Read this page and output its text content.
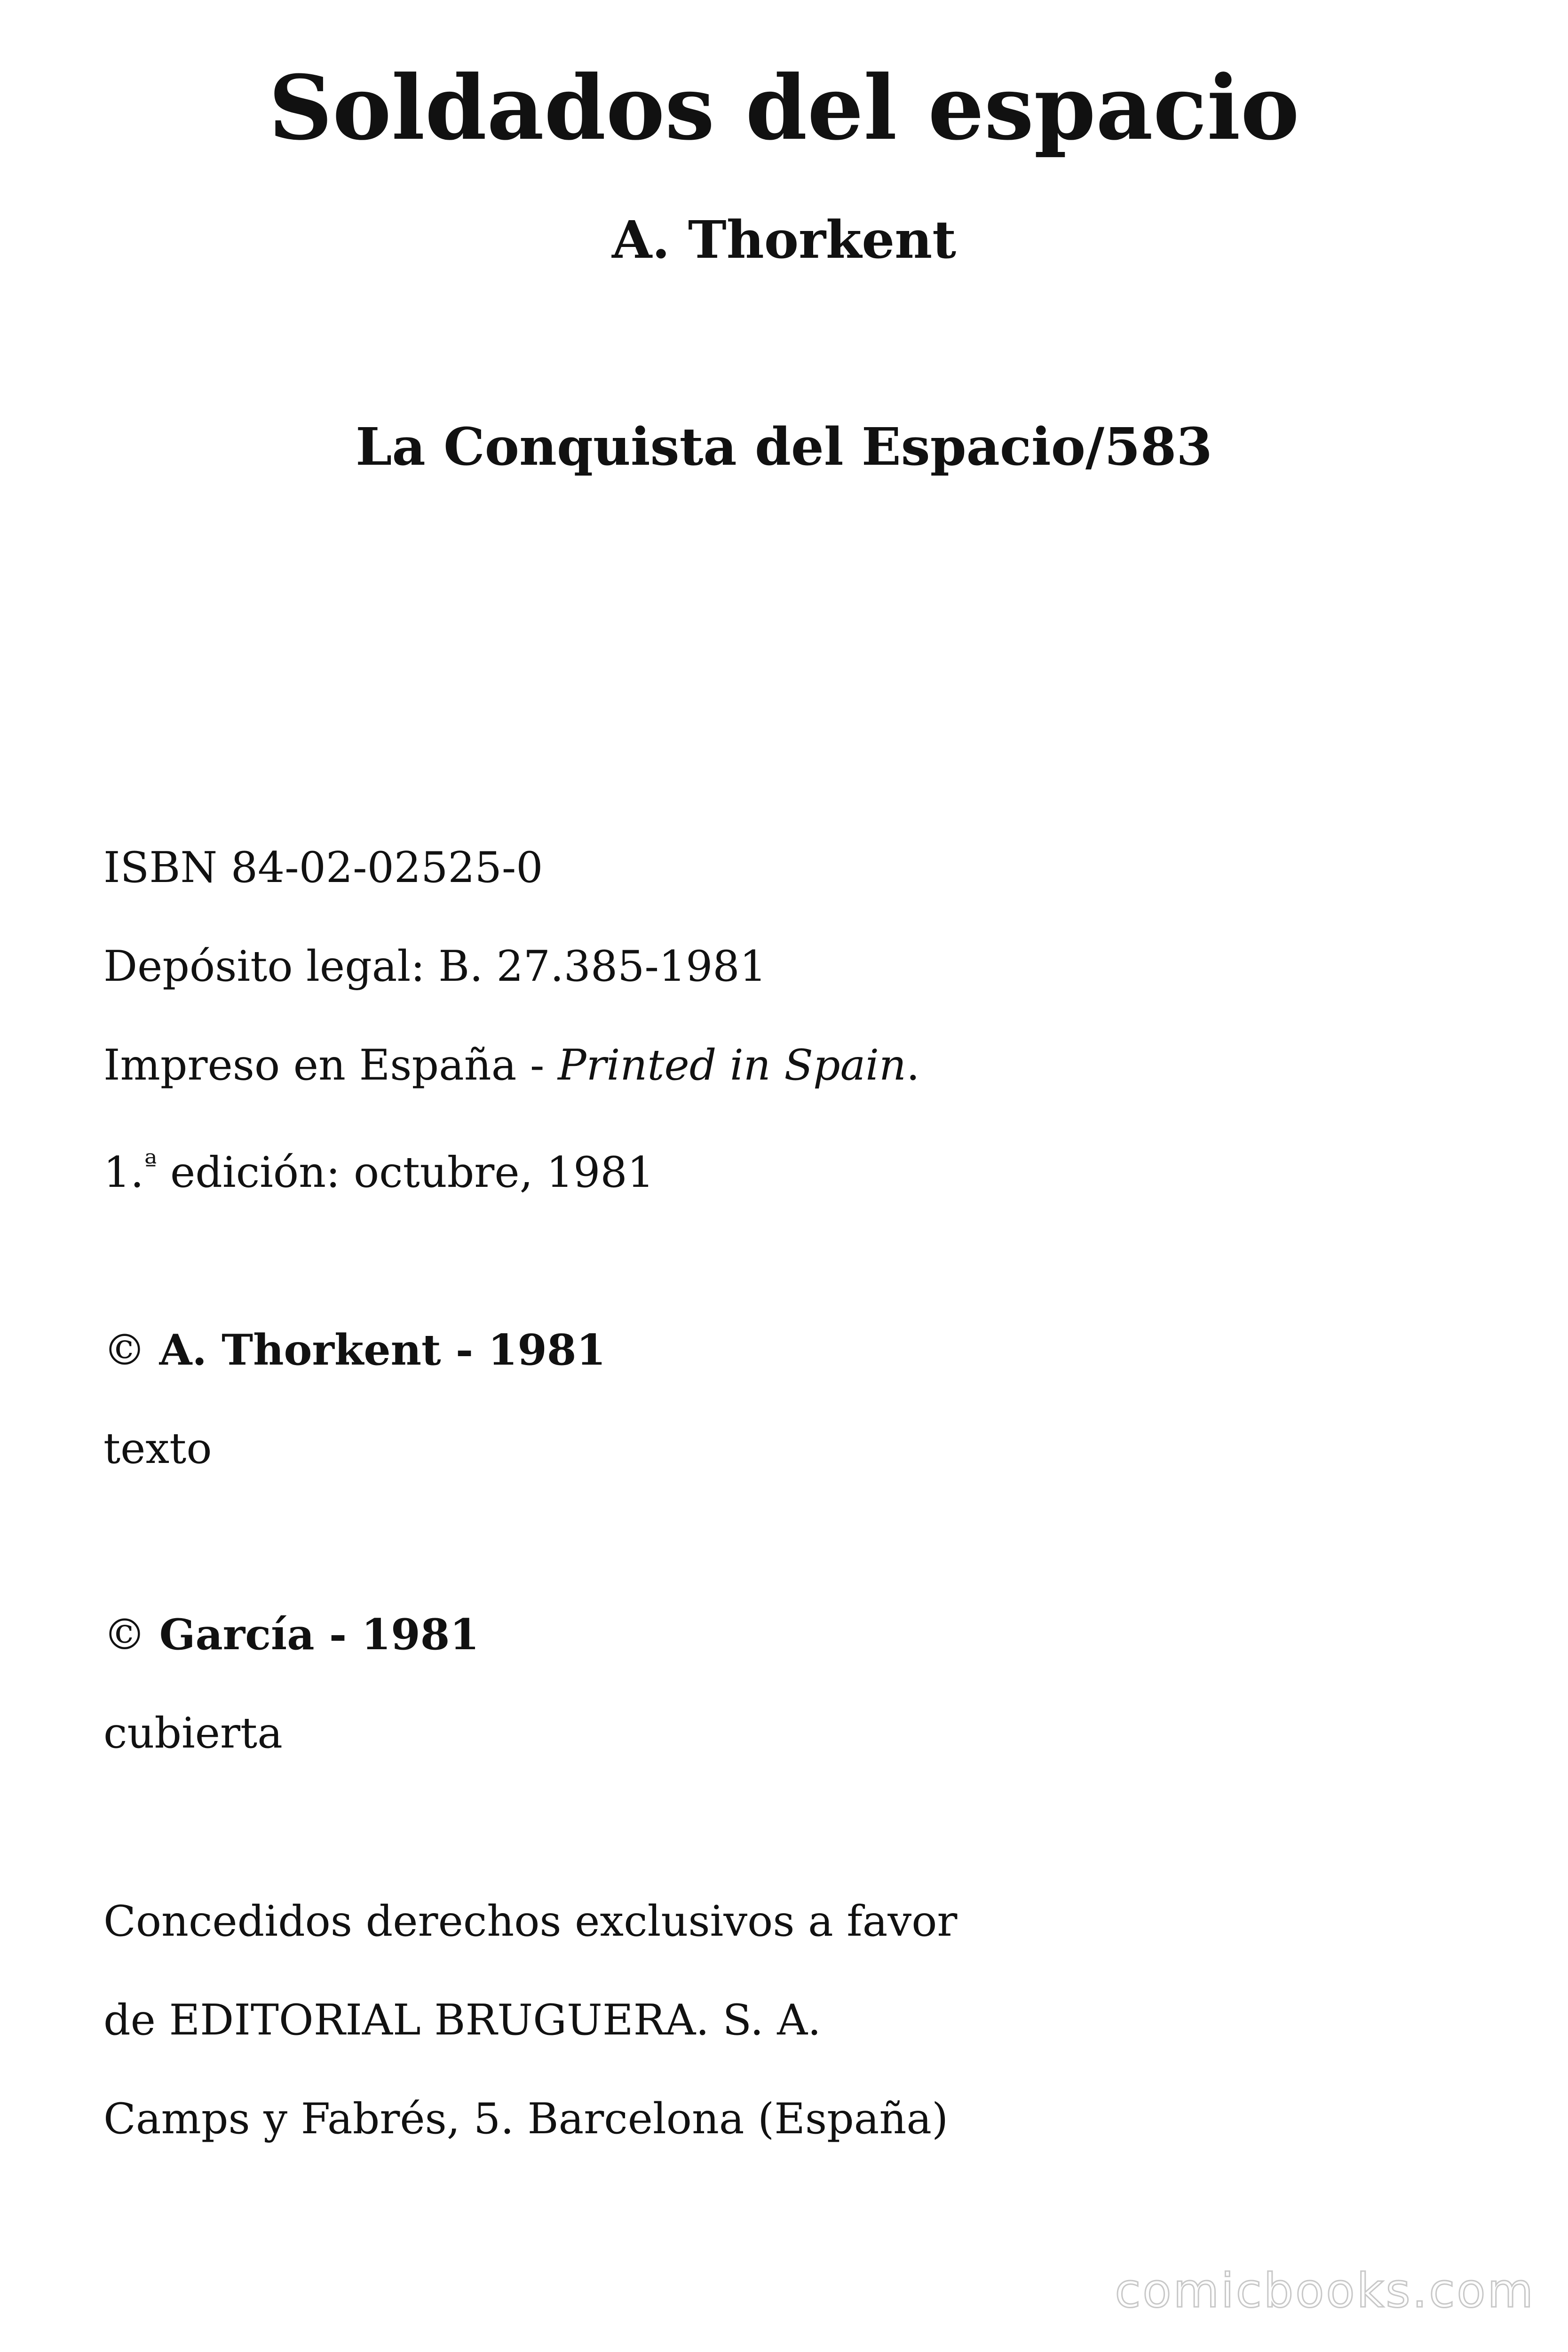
Soldados del espacio
A. Thorkent
La Conquista del Espacio/583

ISBN 84-02-02525-0

Depósito legal: B. 27.385-1981

Impreso en España - Printed in Spain.

1.$^ª$ edición: octubre, 1981

© A. Thorkent - 1981

texto

© García - 1981

cubierta

Concedidos derechos exclusivos a favor

de EDITORIAL BRUGUERA. S. A.

Camps y Fabrés, 5. Barcelona (España)

comicbooks.com
